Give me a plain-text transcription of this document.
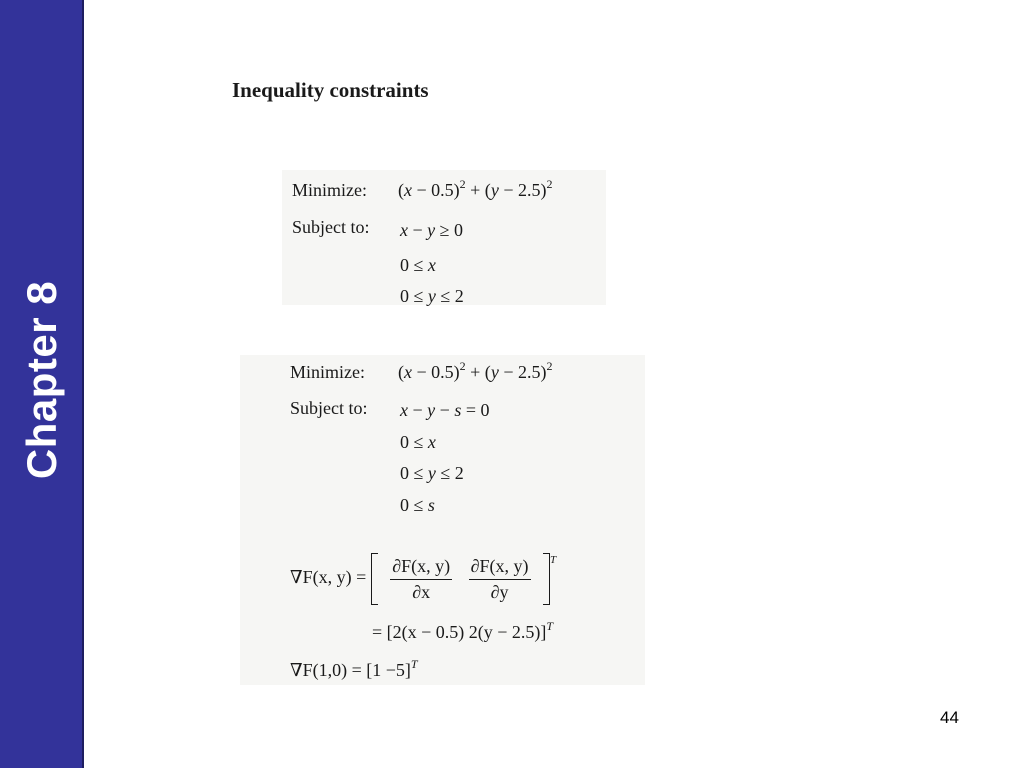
Chapter 8
Inequality constraints
Minimize: $(x - 0.5)^2 + (y - 2.5)^2$
Subject to: x − y ≥ 0
0 ≤ x
0 ≤ y ≤ 2
Minimize: $(x - 0.5)^2 + (y - 2.5)^2$
Subject to: x − y − s = 0
0 ≤ x
0 ≤ y ≤ 2
0 ≤ s
∇F(x, $y) = \frac{\partial F(x, y)}{\partial x}$
$\frac{\partial F(x, y)}{\partial y} ^T$
= [2(x − 0.5) 2(y − 2.5)]$^T$
$\nabla F(1,0) = [1 -5]^T$
44
